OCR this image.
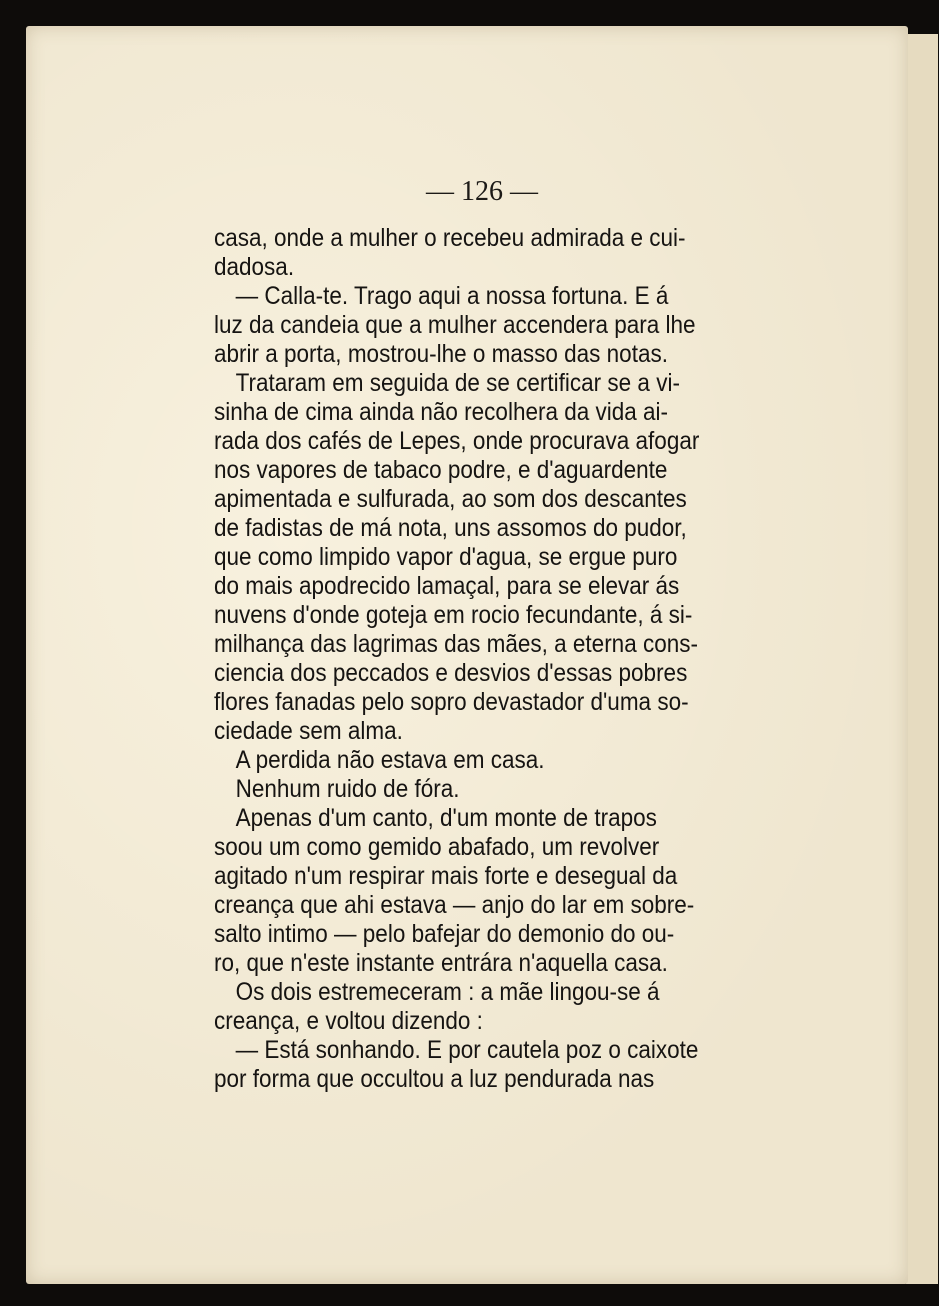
— 126 —
casa, onde a mulher o recebeu admirada e cui-
dadosa.
— Calla-te. Trago aqui a nossa fortuna. E á
luz da candeia que a mulher accendera para lhe
abrir a porta, mostrou-lhe o masso das notas.
Trataram em seguida de se certificar se a vi-
sinha de cima ainda não recolhera da vida ai-
rada dos cafés de Lepes, onde procurava afogar
nos vapores de tabaco podre, e d'aguardente
apimentada e sulfurada, ao som dos descantes
de fadistas de má nota, uns assomos do pudor,
que como limpido vapor d'agua, se ergue puro
do mais apodrecido lamaçal, para se elevar ás
nuvens d'onde goteja em rocio fecundante, á si-
milhança das lagrimas das mães, a eterna cons-
ciencia dos peccados e desvios d'essas pobres
flores fanadas pelo sopro devastador d'uma so-
ciedade sem alma.
A perdida não estava em casa.
Nenhum ruido de fóra.
Apenas d'um canto, d'um monte de trapos
soou um como gemido abafado, um revolver
agitado n'um respirar mais forte e desegual da
creança que ahi estava — anjo do lar em sobre-
salto intimo — pelo bafejar do demonio do ou-
ro, que n'este instante entrára n'aquella casa.
Os dois estremeceram : a mãe lingou-se á
creança, e voltou dizendo :
— Está sonhando. E por cautela poz o caixote
por forma que occultou a luz pendurada nas
